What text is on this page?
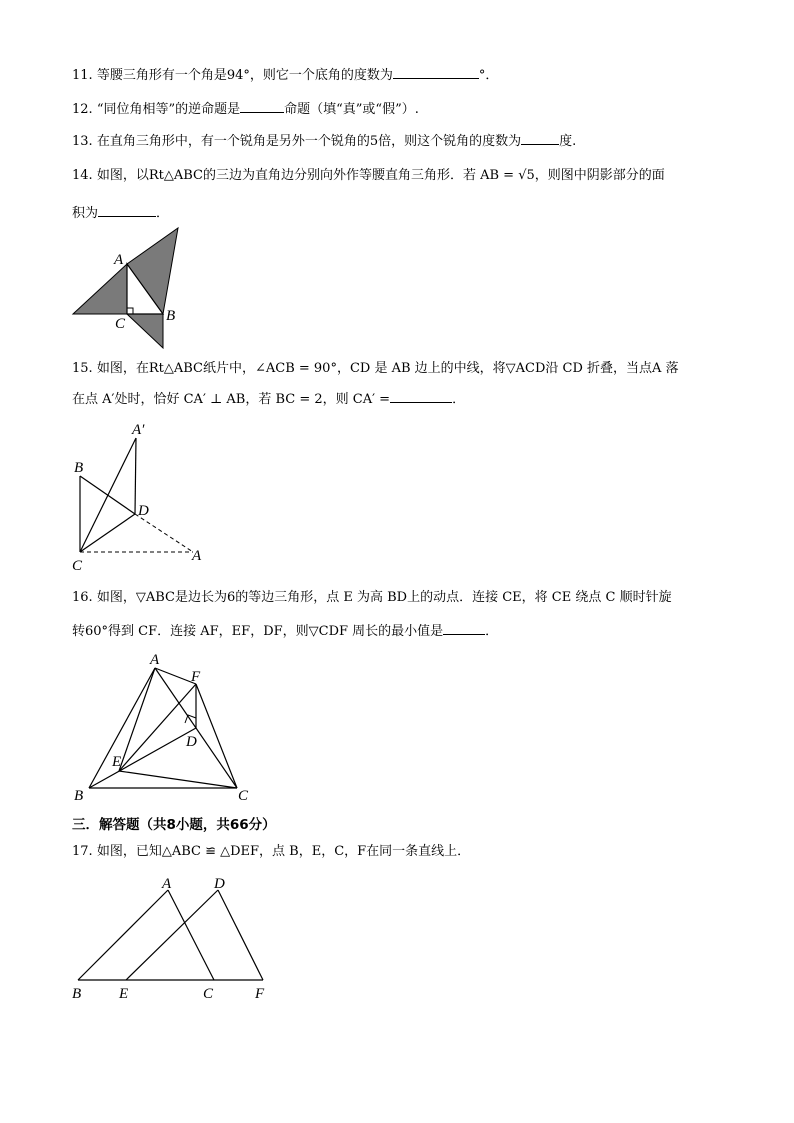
11. 等腰三角形有一个角是94°，则它一个底角的度数为	°．
12. “同位角相等”的逆命题是	命题（填“真”或“假”）.
13. 在直角三角形中，有一个锐角是另外一个锐角的5倍，则这个锐角的度数为	度.
14. 如图，以Rt△ABC的三边为直角边分别向外作等腰直角三角形．若 AB = √5，则图中阴影部分的面
积为	．
A
B
C
15. 如图，在Rt△ABC纸片中，∠ACB = 90°，CD 是 AB 边上的中线，将▽ACD沿 CD 折叠，当点A 落
在点 A′处时，恰好 CA′ ⊥ AB，若 BC = 2，则 CA′ =	．
A′
B
D
C
A
16. 如图，▽ABC是边长为6的等边三角形，点 E 为高 BD上的动点．连接 CE，将 CE 绕点 C 顺时针旋
转60°得到 CF．连接 AF，EF，DF，则▽CDF 周长的最小值是	．
A
F
D
E
B	C
三．解答题（共8小题，共66分）
17. 如图，已知△ABC ≌ △DEF，点 B，E，C，F在同一条直线上．
A	D
B	E	C	F
